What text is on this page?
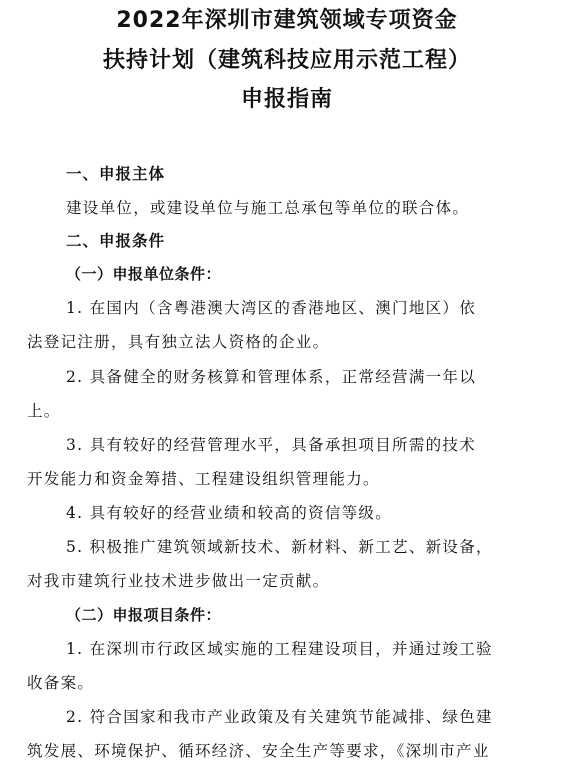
2022年深圳市建筑领域专项资金
扶持计划（建筑科技应用示范工程）
申报指南
一、申报主体
建设单位，或建设单位与施工总承包等单位的联合体。
二、申报条件
（一）申报单位条件：
1. 在国内（含粤港澳大湾区的香港地区、澳门地区）依
法登记注册，具有独立法人资格的企业。
2. 具备健全的财务核算和管理体系，正常经营满一年以
上。
3. 具有较好的经营管理水平，具备承担项目所需的技术
开发能力和资金筹措、工程建设组织管理能力。
4. 具有较好的经营业绩和较高的资信等级。
5. 积极推广建筑领域新技术、新材料、新工艺、新设备，
对我市建筑行业技术进步做出一定贡献。
（二）申报项目条件：
1. 在深圳市行政区域实施的工程建设项目，并通过竣工验
收备案。
2. 符合国家和我市产业政策及有关建筑节能减排、绿色建
筑发展、环境保护、循环经济、安全生产等要求，《深圳市产业
